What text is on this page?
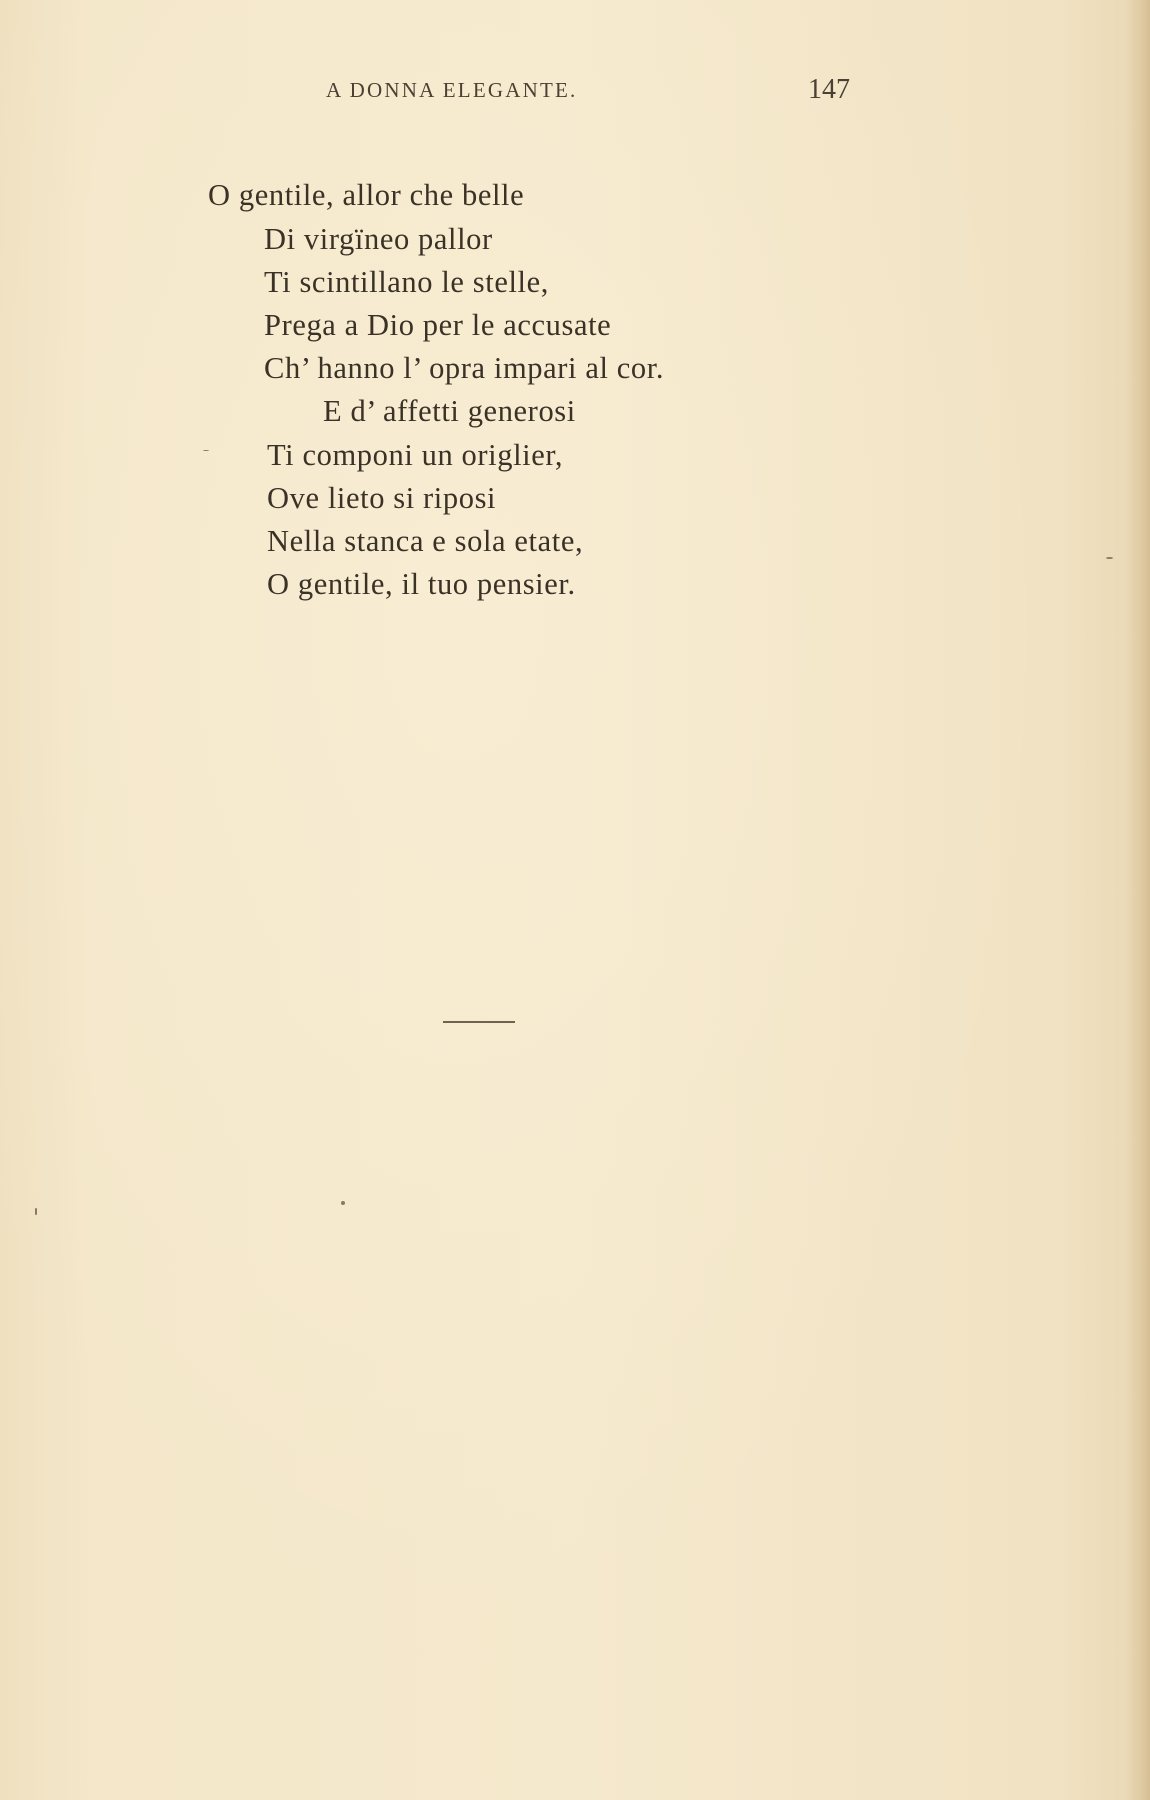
A DONNA ELEGANTE.	147
O gentile, allor che belle
Di virgïneo pallor
Ti scintillano le stelle,
Prega a Dio per le accusate
Ch’ hanno l’ opra impari al cor.
E d’ affetti generosi
Ti componi un origlier,
Ove lieto si riposi
Nella stanca e sola etate,
O gentile, il tuo pensier.
